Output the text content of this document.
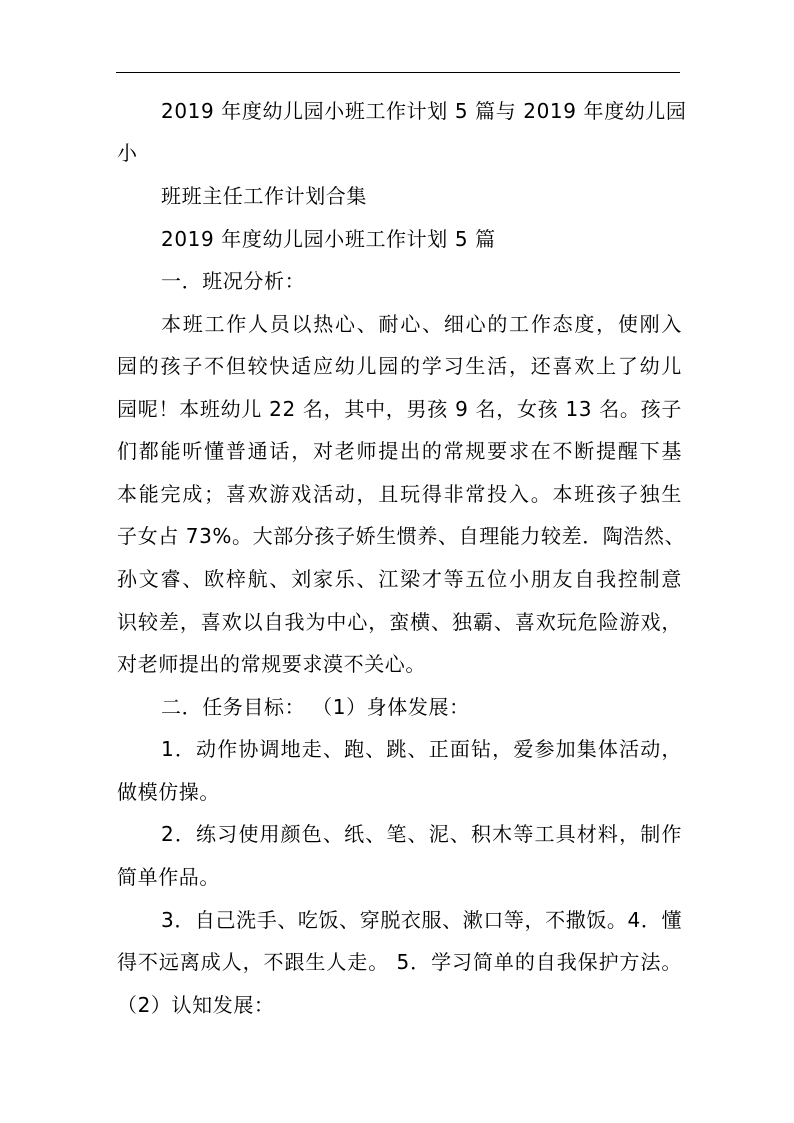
2019 年度幼儿园小班工作计划 5 篇与 2019 年度幼儿园
小
班班主任工作计划合集
2019 年度幼儿园小班工作计划 5 篇
一．班况分析：
本班工作人员以热心、耐心、细心的工作态度，使刚入
园的孩子不但较快适应幼儿园的学习生活，还喜欢上了幼儿
园呢！本班幼儿 22 名，其中，男孩 9 名，女孩 13 名。孩子
们都能听懂普通话，对老师提出的常规要求在不断提醒下基
本能完成；喜欢游戏活动，且玩得非常投入。本班孩子独生
子女占 73%。大部分孩子娇生惯养、自理能力较差．陶浩然、
孙文睿、欧梓航、刘家乐、江梁才等五位小朋友自我控制意
识较差，喜欢以自我为中心，蛮横、独霸、喜欢玩危险游戏，
对老师提出的常规要求漠不关心。
二．任务目标： （1）身体发展：
1．动作协调地走、跑、跳、正面钻，爱参加集体活动，
做模仿操。
2．练习使用颜色、纸、笔、泥、积木等工具材料，制作
简单作品。
3．自己洗手、吃饭、穿脱衣服、漱口等，不撒饭。4．懂
得不远离成人，不跟生人走。 5．学习简单的自我保护方法。
（2）认知发展：
